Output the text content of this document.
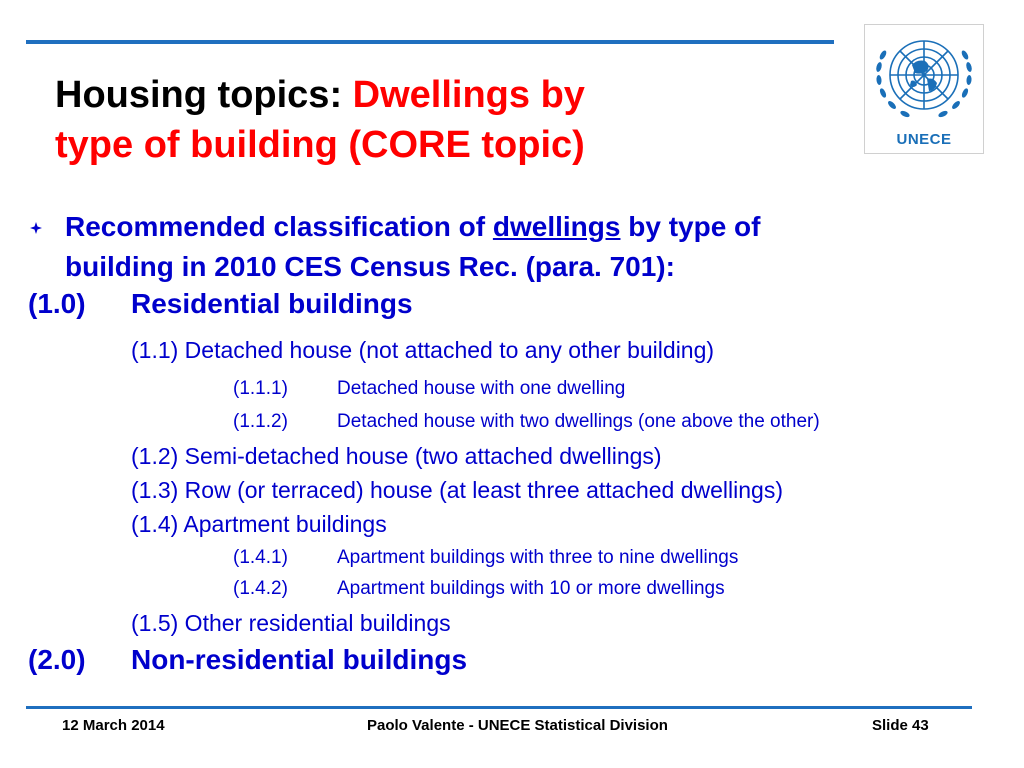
Housing topics: Dwellings by
type of building (CORE topic)	UNECE
Recommended classification of dwellings by type of
building in 2010 CES Census Rec. (para. 701):
(1.0) Residential buildings
(1.1) Detached house (not attached to any other building)
(1.1.1)	Detached house with one dwelling
(1.1.2)	Detached house with two dwellings (one above the other)
(1.2) Semi-detached house (two attached dwellings)
(1.3) Row (or terraced) house (at least three attached dwellings)
(1.4) Apartment buildings
(1.4.1)	Apartment buildings with three to nine dwellings
(1.4.2)	Apartment buildings with 10 or more dwellings
(1.5) Other residential buildings
(2.0) Non-residential buildings
12 March 2014	Paolo Valente - UNECE Statistical Division	Slide 43
